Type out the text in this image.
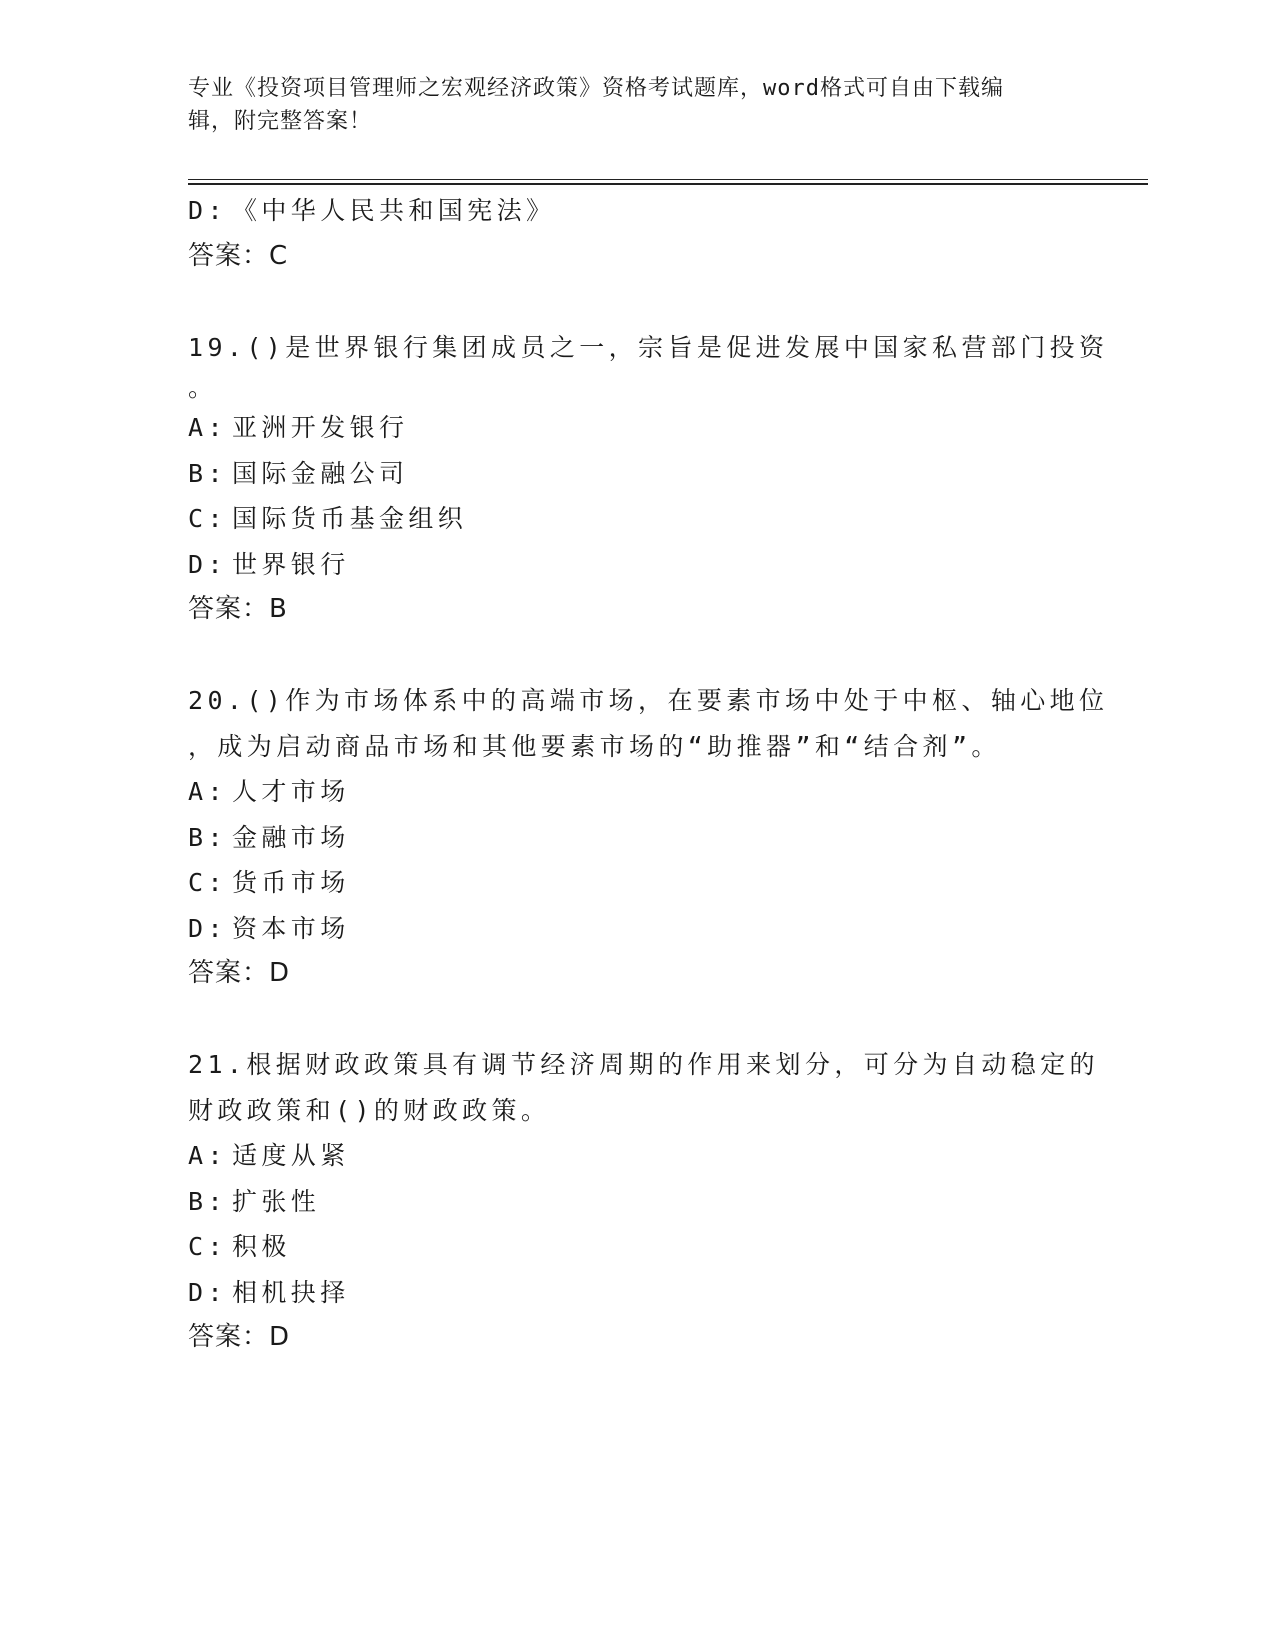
专业《投资项目管理师之宏观经济政策》资格考试题库，word格式可自由下载编
辑，附完整答案！
D: 《中华人民共和国宪法》
答案：C
19.()是世界银行集团成员之一，宗旨是促进发展中国家私营部门投资
。
A: 亚洲开发银行
B: 国际金融公司
C: 国际货币基金组织
D: 世界银行
答案：B
20.()作为市场体系中的高端市场，在要素市场中处于中枢、轴心地位
，成为启动商品市场和其他要素市场的“助推器”和“结合剂”。
A: 人才市场
B: 金融市场
C: 货币市场
D: 资本市场
答案：D
21.根据财政政策具有调节经济周期的作用来划分，可分为自动稳定的
财政政策和()的财政政策。
A: 适度从紧
B: 扩张性
C: 积极
D: 相机抉择
答案：D
